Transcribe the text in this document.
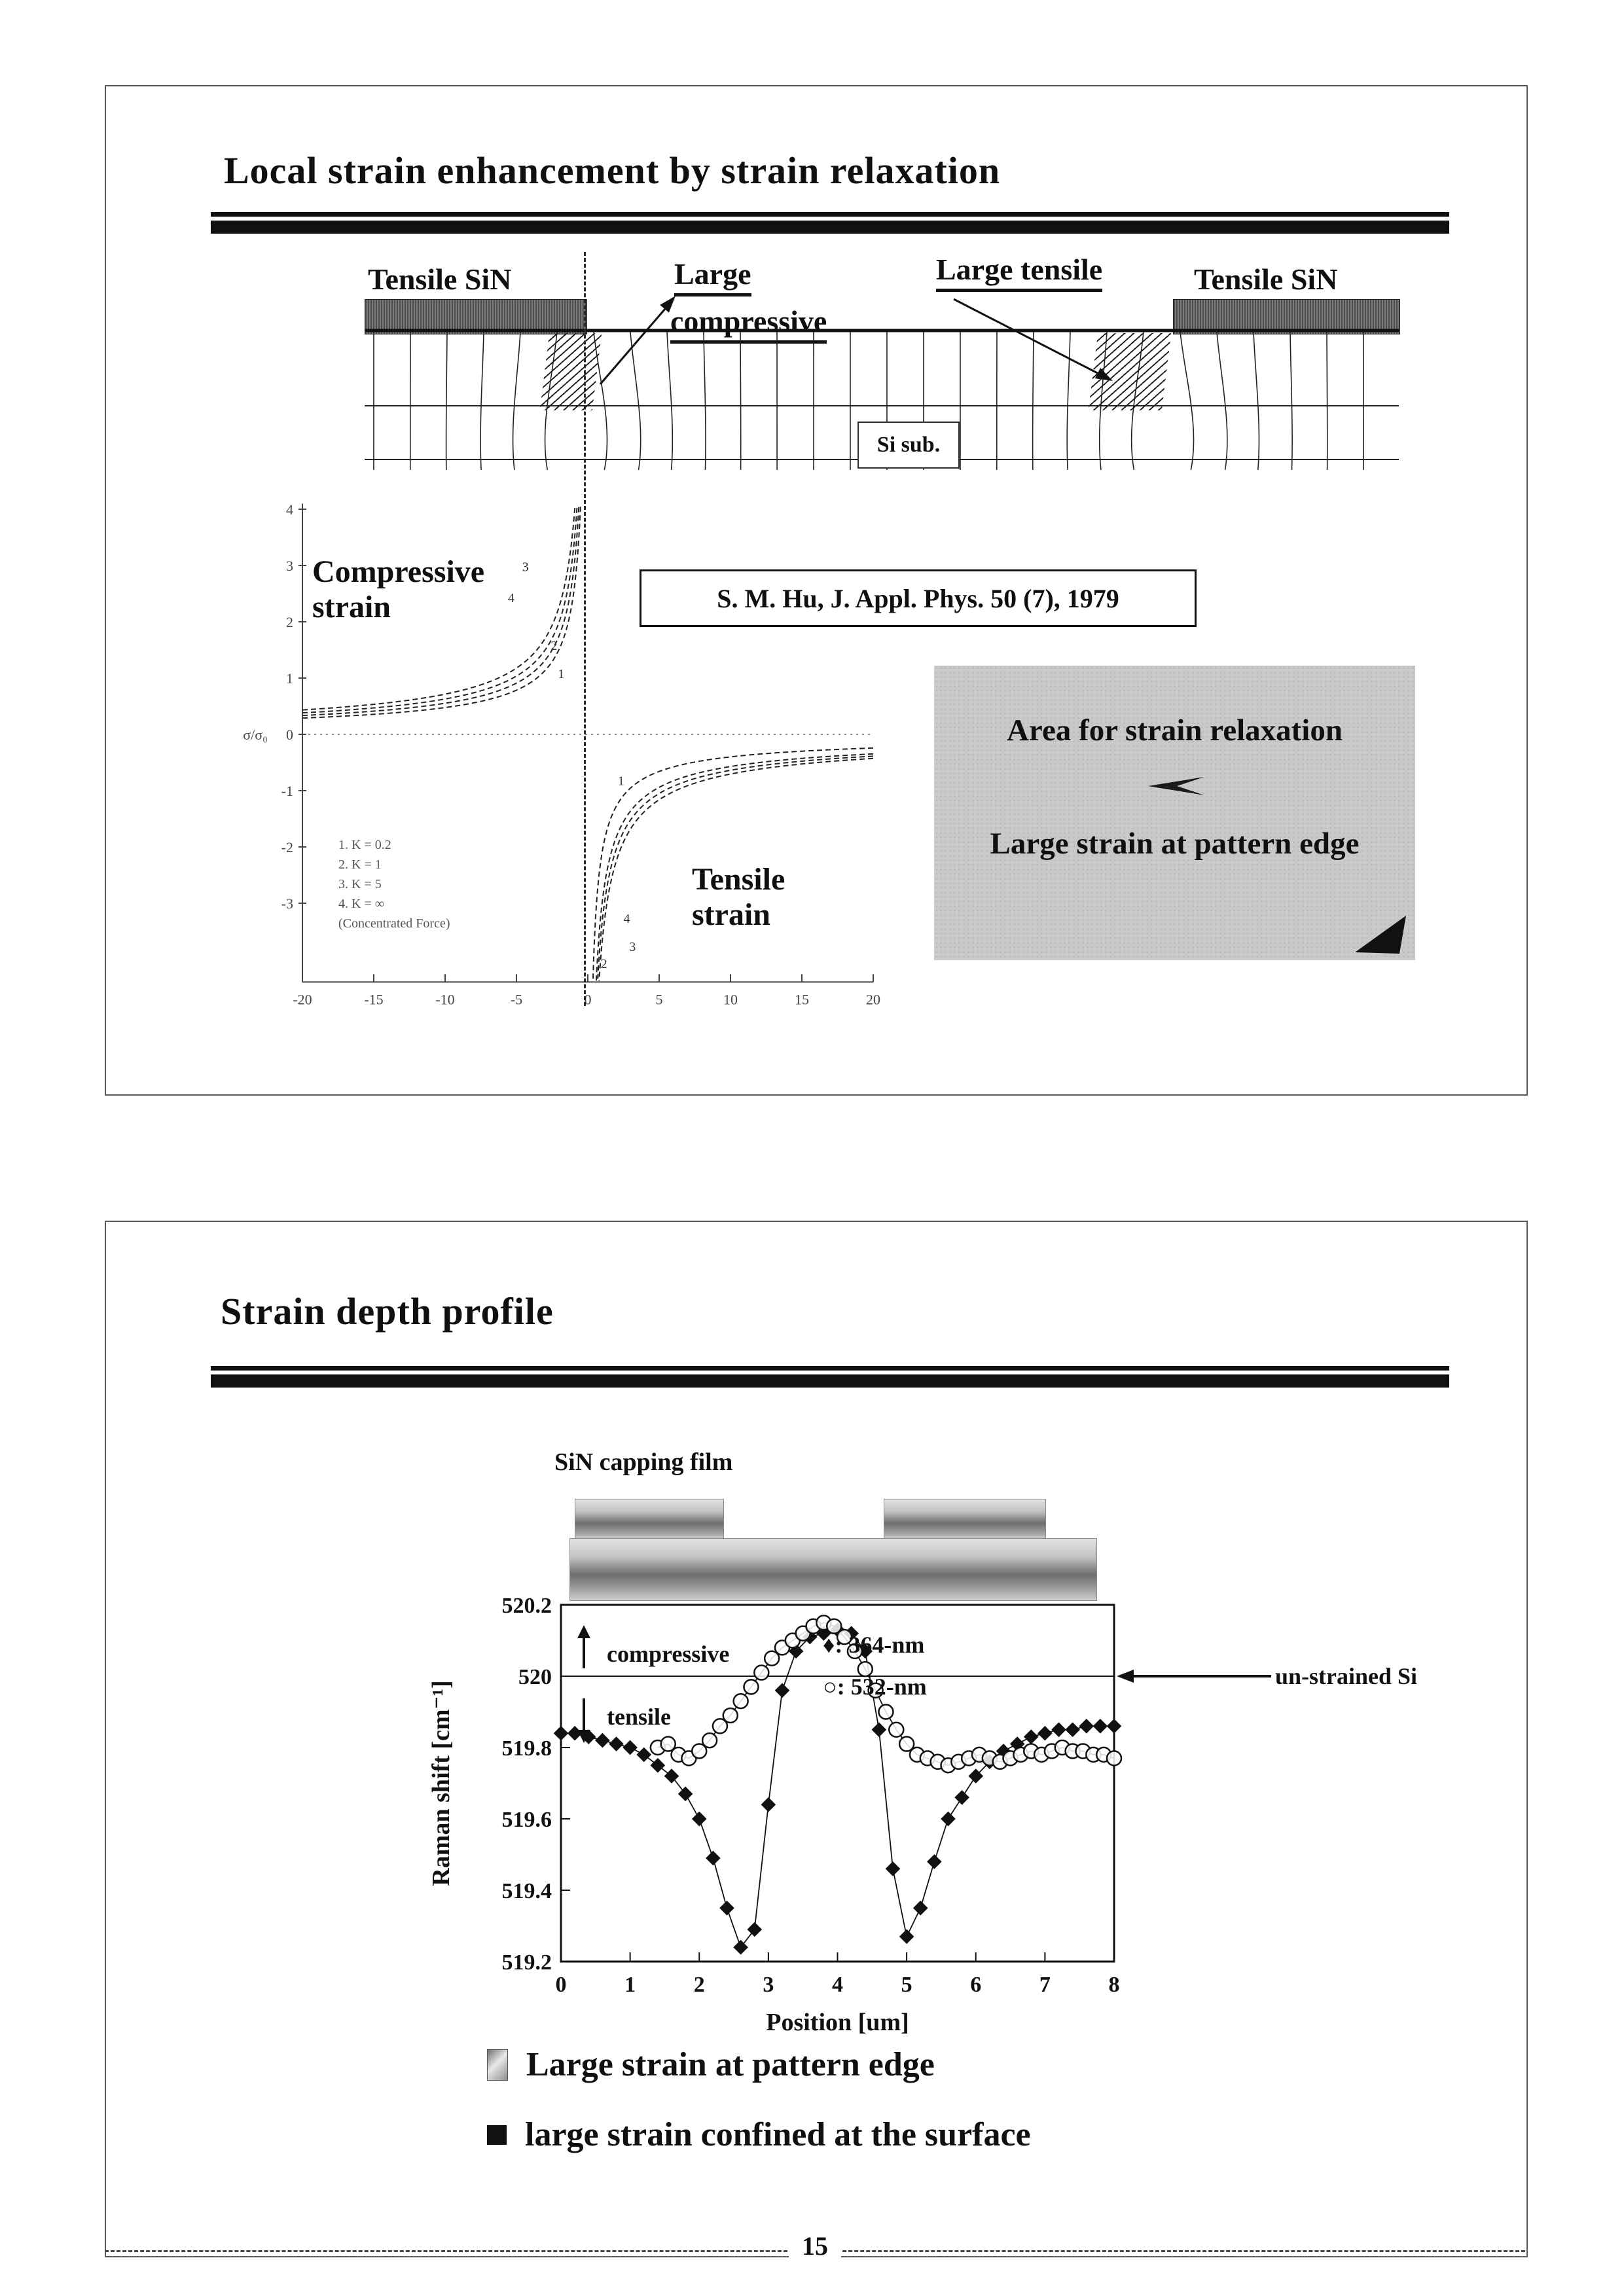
Local strain enhancement by strain relaxation
Tensile SiN	Large
compressive
Large tensile	Tensile SiN
Si sub.
4
3
2
1
0
-1
-2
-3
-20	-15	-10	-5	0	5	10	15	20
σ/σ₀
3
4
2
1
1
2
4
3
1. K = 0.2
2. K = 1
3. K = 5
4. K = ∞
(Concentrated Force)
Compressive
strain
Tensile
strain
S. M. Hu, J. Appl. Phys. 50 (7), 1979
Area for strain relaxation
Large strain at pattern edge
Strain depth profile
SiN capping film
520.2
520
519.8
519.6
519.4
519.2
0	1	2	3	4	5	6	7	8
Raman shift [cm⁻¹]
Position [um]
♦: 364-nm
○: 532-nm
compressive
tensile
un-strained Si
Large strain at pattern edge
large strain confined at the surface
15
